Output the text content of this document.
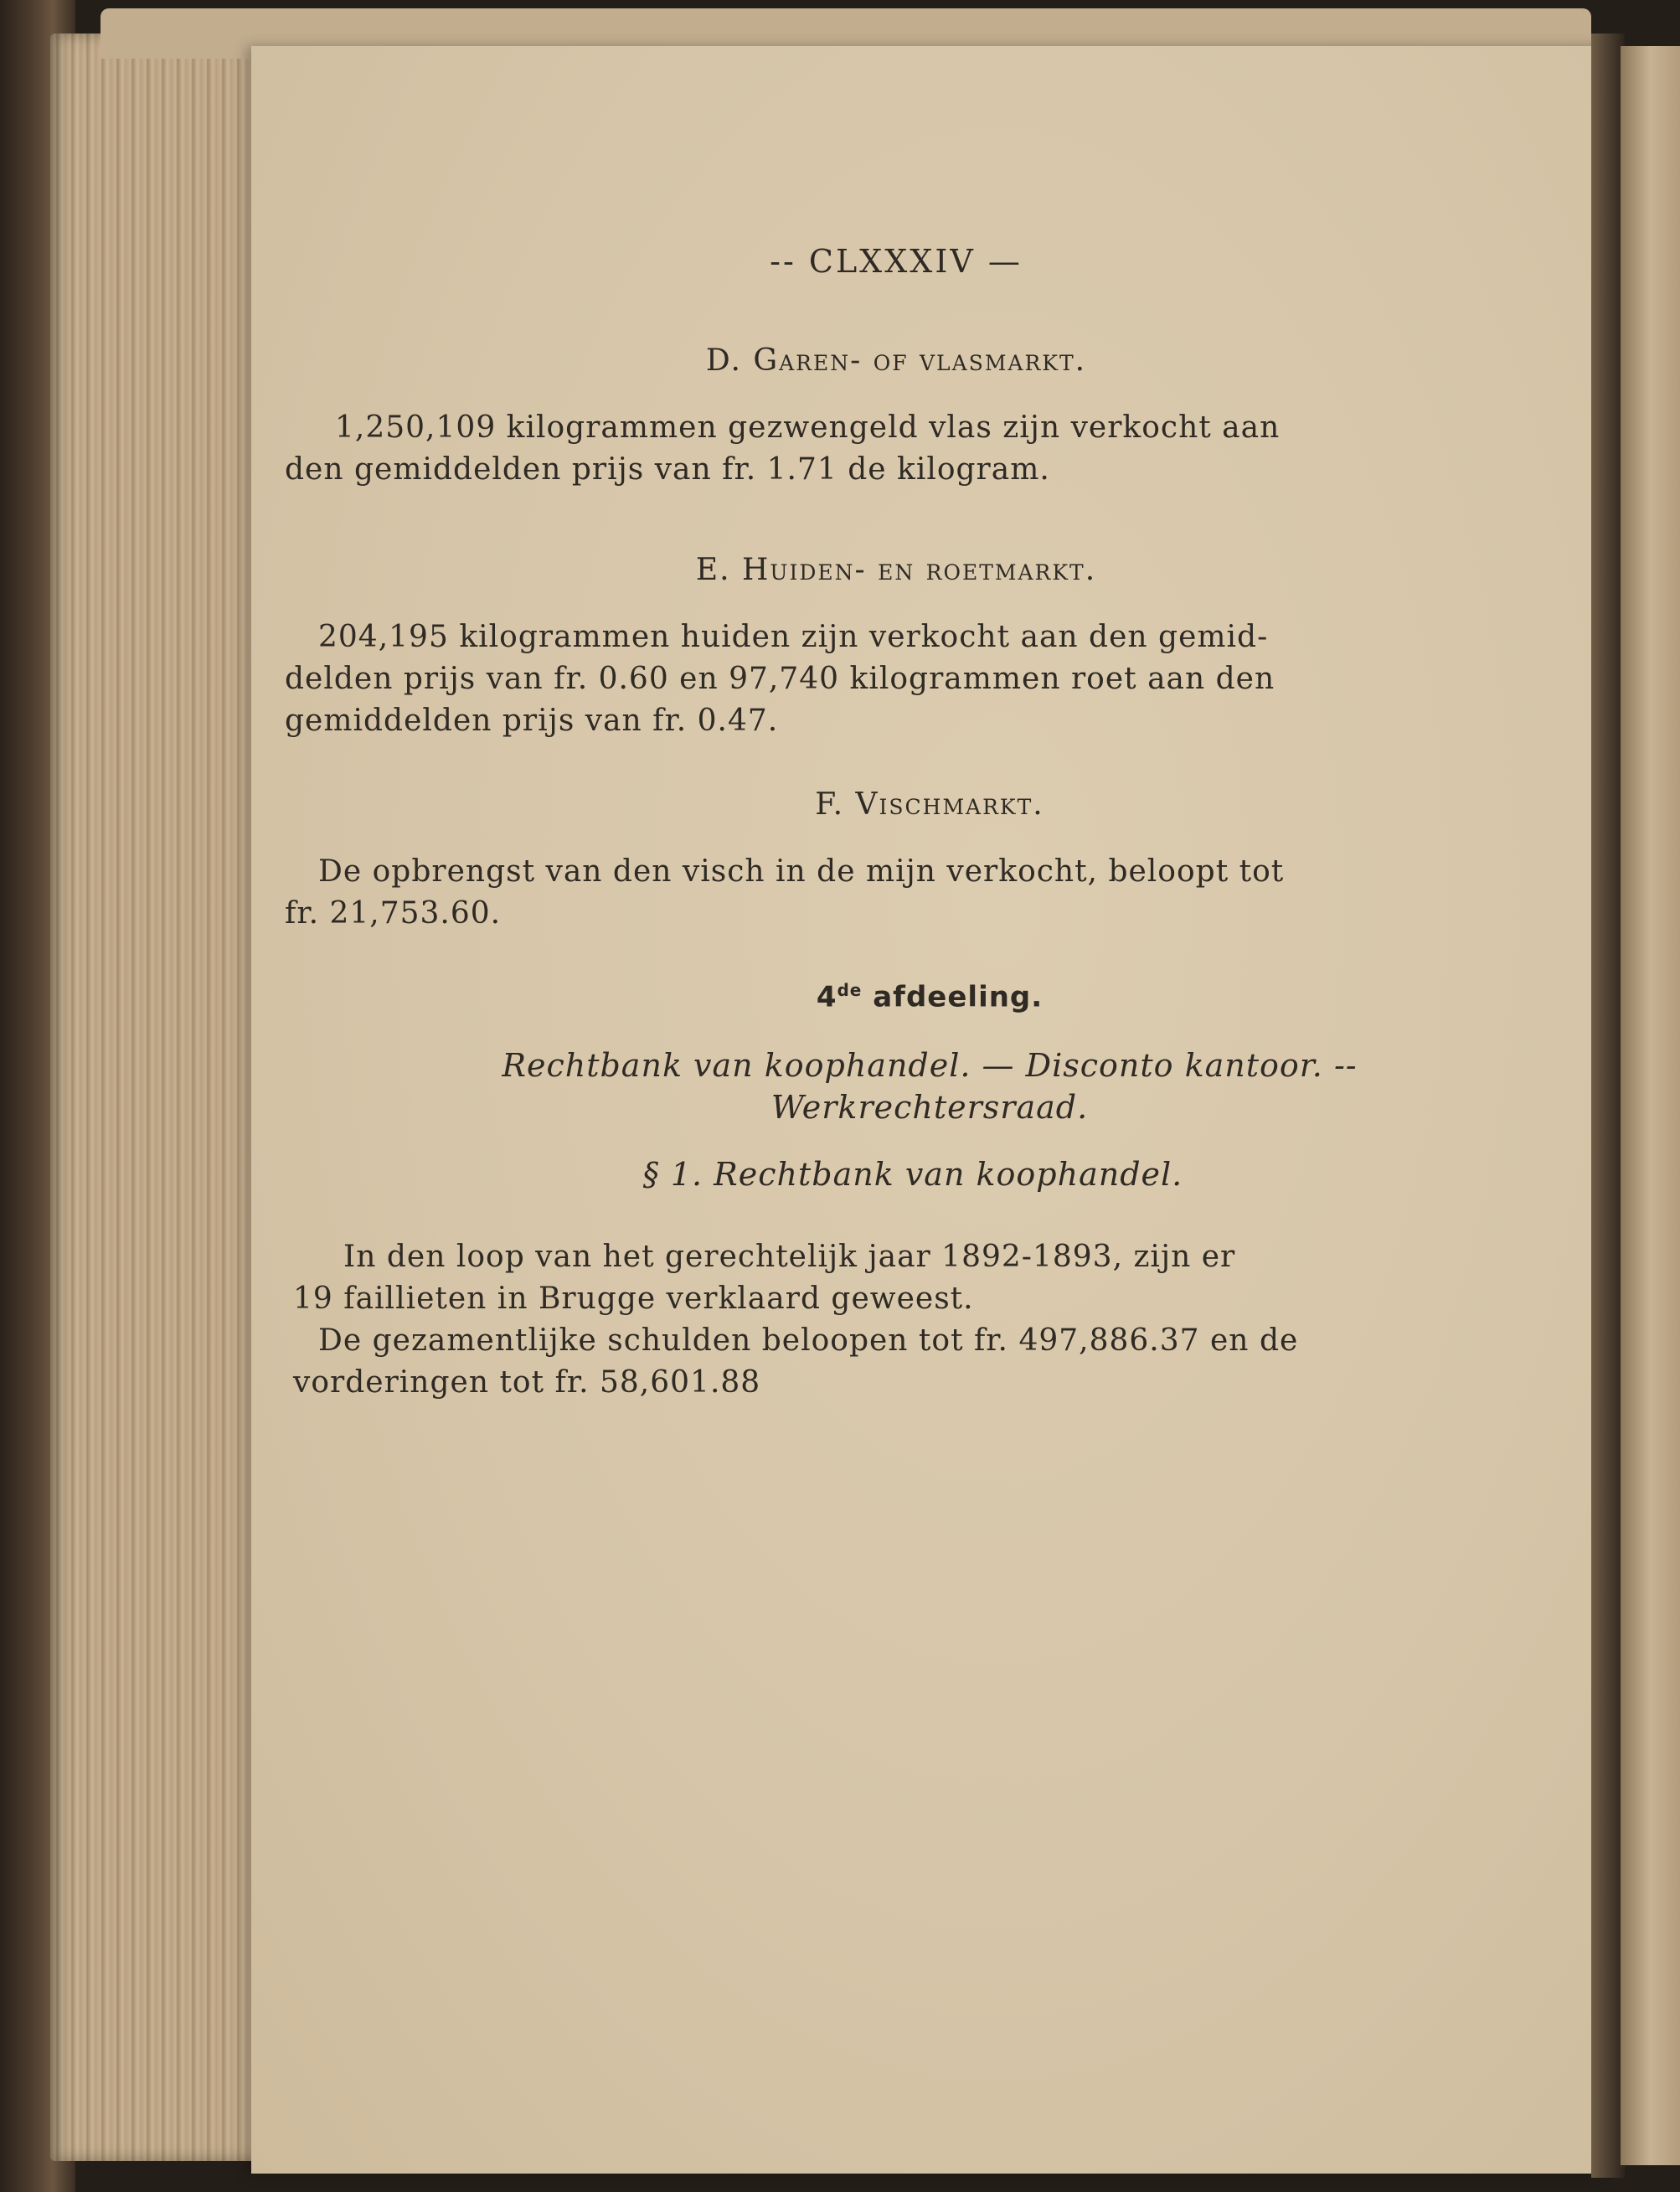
-- CLXXXIV —
D. Garen- of vlasmarkt.
1,250,109 kilogrammen gezwengeld vlas zijn verkocht aan
den gemiddelden prijs van fr. 1.71 de kilogram.
E. Huiden- en roetmarkt.
204,195 kilogrammen huiden zijn verkocht aan den gemid-
delden prijs van fr. 0.60 en 97,740 kilogrammen roet aan den
gemiddelden prijs van fr. 0.47.
F. Vischmarkt.
De opbrengst van den visch in de mijn verkocht, beloopt tot
fr. 21,753.60.
4de afdeeling.
Rechtbank van koophandel. — Disconto kantoor. --
Werkrechtersraad.
§ 1. Rechtbank van koophandel.
In den loop van het gerechtelijk jaar 1892-1893, zijn er
19 faillieten in Brugge verklaard geweest.
De gezamentlijke schulden beloopen tot fr. 497,886.37 en de
vorderingen tot fr. 58,601.88
